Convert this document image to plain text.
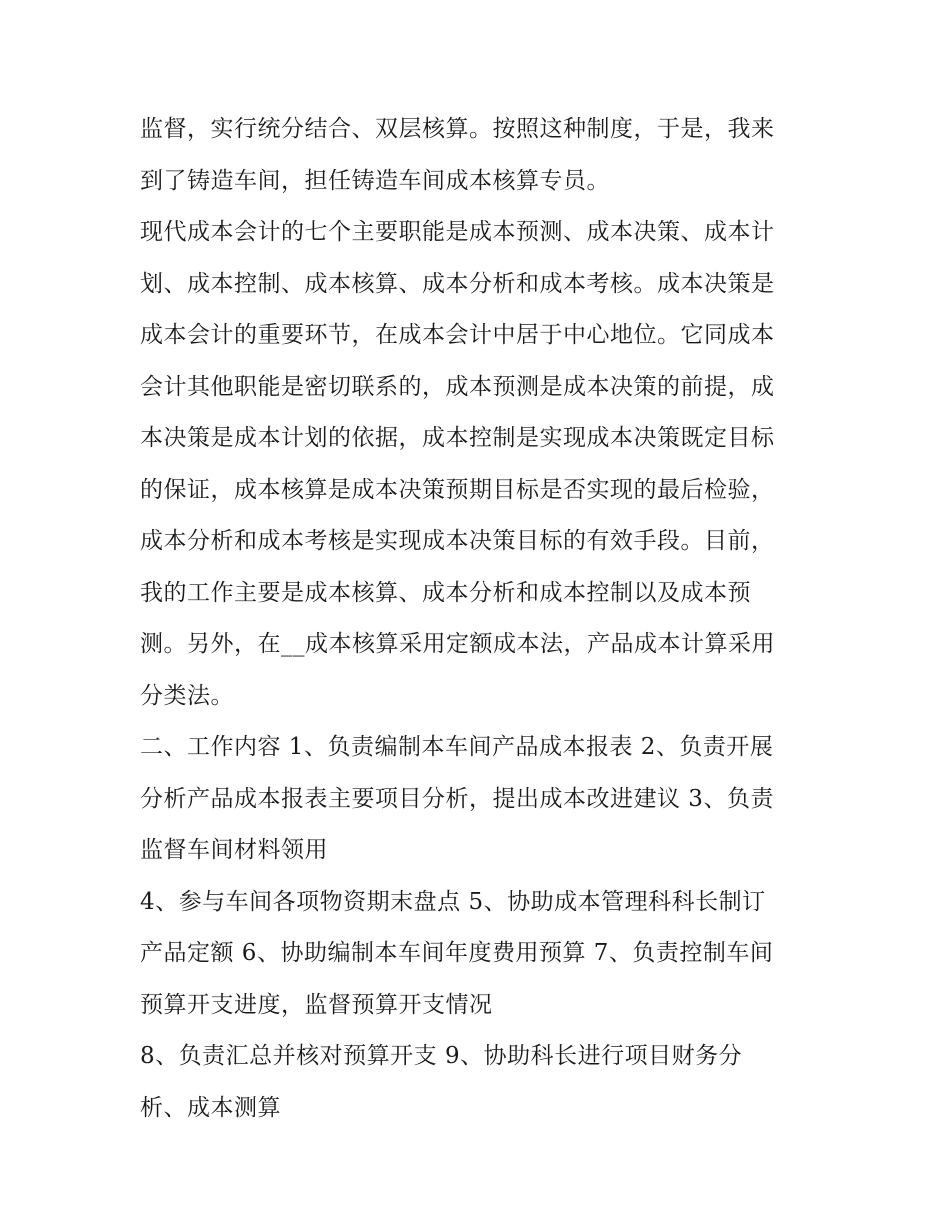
监督，实行统分结合、双层核算。按照这种制度，于是，我来
到了铸造车间，担任铸造车间成本核算专员。
现代成本会计的七个主要职能是成本预测、成本决策、成本计
划、成本控制、成本核算、成本分析和成本考核。成本决策是
成本会计的重要环节，在成本会计中居于中心地位。它同成本
会计其他职能是密切联系的，成本预测是成本决策的前提，成
本决策是成本计划的依据，成本控制是实现成本决策既定目标
的保证，成本核算是成本决策预期目标是否实现的最后检验，
成本分析和成本考核是实现成本决策目标的有效手段。目前，
我的工作主要是成本核算、成本分析和成本控制以及成本预
测。另外，在__成本核算采用定额成本法，产品成本计算采用
分类法。
二、工作内容 1、负责编制本车间产品成本报表 2、负责开展
分析产品成本报表主要项目分析，提出成本改进建议 3、负责
监督车间材料领用
4、参与车间各项物资期末盘点 5、协助成本管理科科长制订
产品定额 6、协助编制本车间年度费用预算 7、负责控制车间
预算开支进度，监督预算开支情况
8、负责汇总并核对预算开支 9、协助科长进行项目财务分
析、成本测算
